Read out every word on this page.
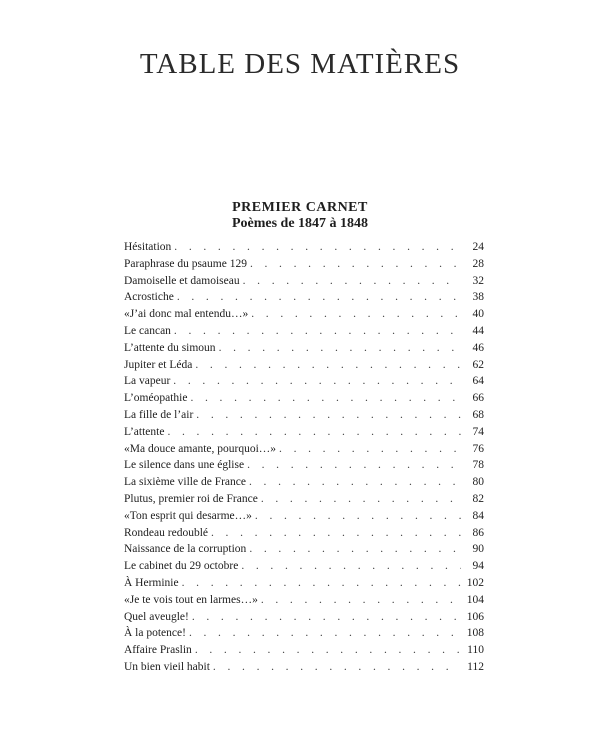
TABLE DES MATIÈRES
PREMIER CARNET
Poèmes de 1847 à 1848
Hésitation . . .	24
Paraphrase du psaume 129 . . .	28
Damoiselle et damoiseau . . .	32
Acrostiche . . .	38
«J’ai donc mal entendu…» . . .	40
Le cancan . . .	44
L’attente du simoun . . .	46
Jupiter et Léda . . .	62
La vapeur . . .	64
L’oméopathie . . .	66
La fille de l’air . . .	68
L’attente . . .	74
«Ma douce amante, pourquoi…» . . .	76
Le silence dans une église . . .	78
La sixième ville de France . . .	80
Plutus, premier roi de France . . .	82
«Ton esprit qui desarme…» . . .	84
Rondeau redoublé . . .	86
Naissance de la corruption . . .	90
Le cabinet du 29 octobre . . .	94
À Herminie . . .	102
«Je te vois tout en larmes…» . . .	104
Quel aveugle! . . .	106
À la potence! . . .	108
Affaire Praslin . . .	110
Un bien vieil habit . . .	112
